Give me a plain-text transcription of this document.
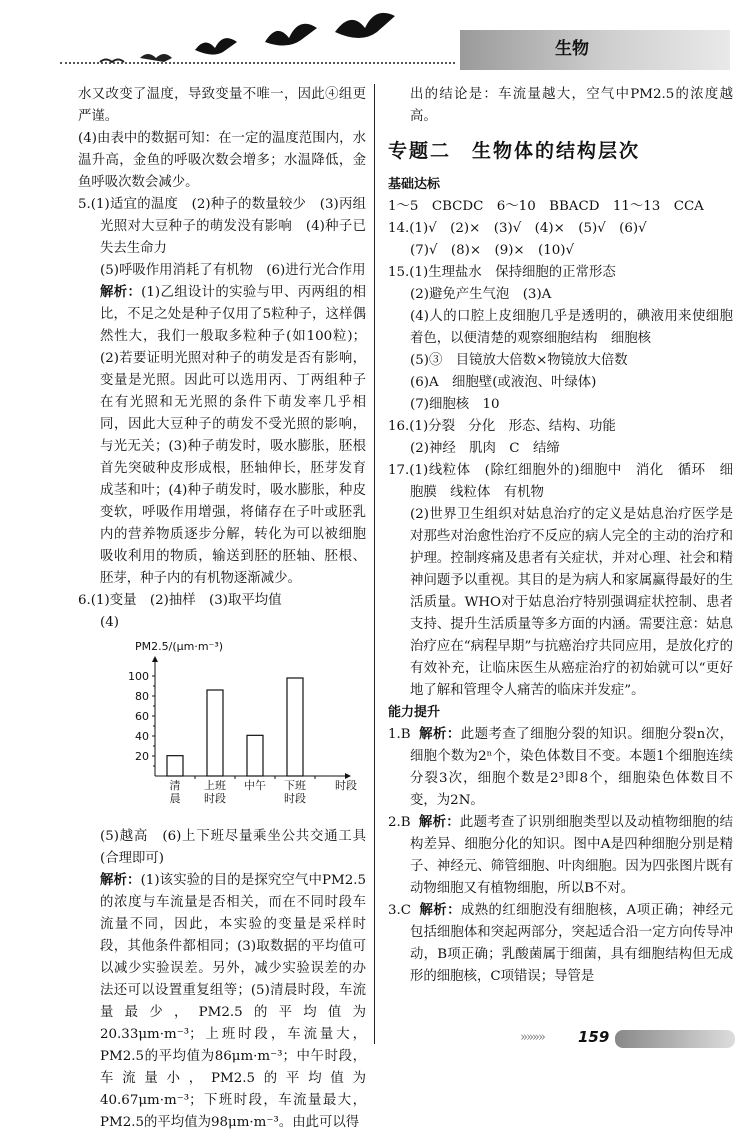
生物

水又改变了温度，导致变量不唯一，因此④组更严谨。

(4)由表中的数据可知：在一定的温度范围内，水温升高，金鱼的呼吸次数会增多；水温降低，金鱼呼吸次数会减少。

5.(1)适宜的温度　(2)种子的数量较少　(3)丙组光照对大豆种子的萌发没有影响　(4)种子已失去生命力

(5)呼吸作用消耗了有机物　(6)进行光合作用

解析：(1)乙组设计的实验与甲、丙两组的相比，不足之处是种子仅用了5粒种子，这样偶然性大，我们一般取多粒种子(如100粒)；(2)若要证明光照对种子的萌发是否有影响，变量是光照。因此可以选用丙、丁两组种子在有光照和无光照的条件下萌发率几乎相同，因此大豆种子的萌发不受光照的影响，与光无关；(3)种子萌发时，吸水膨胀，胚根首先突破种皮形成根，胚轴伸长，胚芽发育成茎和叶；(4)种子萌发时，吸水膨胀，种皮变软，呼吸作用增强，将储存在子叶或胚乳内的营养物质逐步分解，转化为可以被细胞吸收利用的物质，输送到胚的胚轴、胚根、胚芽，种子内的有机物逐渐减少。

6.(1)变量　(2)抽样　(3)取平均值

(4)

PM2.5/(μm·m⁻³)
20
40
60
80
100
清
晨
上班
时段
中午 下班
时段
时段

(5)越高　(6)上下班尽量乘坐公共交通工具(合理即可)

解析：(1)该实验的目的是探究空气中PM2.5的浓度与车流量是否相关，而在不同时段车流量不同，因此，本实验的变量是采样时段，其他条件都相同；(3)取数据的平均值可以减少实验误差。另外，减少实验误差的办法还可以设置重复组等；(5)清晨时段，车流量最少，PM2.5的平均值为20.33μm·m⁻³；上班时段，车流量大，PM2.5的平均值为86μm·m⁻³；中午时段，车流量小，PM2.5的平均值为40.67μm·m⁻³；下班时段，车流量最大，PM2.5的平均值为98μm·m⁻³。由此可以得

出的结论是：车流量越大，空气中PM2.5的浓度越高。

专题二　生物体的结构层次

基础达标

1～5　CBCDC　6～10　BBACD　11～13　CCA

14.(1)√　(2)×　(3)√　(4)×　(5)√　(6)√

(7)√　(8)×　(9)×　(10)√

15.(1)生理盐水　保持细胞的正常形态

(2)避免产生气泡　(3)A

(4)人的口腔上皮细胞几乎是透明的，碘液用来使细胞着色，以便清楚的观察细胞结构　细胞核

(5)③　目镜放大倍数×物镜放大倍数

(6)A　细胞壁(或液泡、叶绿体)

(7)细胞核　10

16.(1)分裂　分化　形态、结构、功能

(2)神经　肌肉　C　结缔

17.(1)线粒体　(除红细胞外的)细胞中　消化　循环　细胞膜　线粒体　有机物

(2)世界卫生组织对姑息治疗的定义是姑息治疗医学是对那些对治愈性治疗不反应的病人完全的主动的治疗和护理。控制疼痛及患者有关症状，并对心理、社会和精神问题予以重视。其目的是为病人和家属赢得最好的生活质量。WHO对于姑息治疗特别强调症状控制、患者支持、提升生活质量等多方面的内涵。需要注意：姑息治疗应在“病程早期”与抗癌治疗共同应用，是放化疗的有效补充，让临床医生从癌症治疗的初始就可以“更好地了解和管理令人痛苦的临床并发症”。

能力提升

1.B 解析：此题考查了细胞分裂的知识。细胞分裂n次，细胞个数为2ⁿ个，染色体数目不变。本题1个细胞连续分裂3次，细胞个数是2³即8个，细胞染色体数目不变，为2N。

2.B 解析：此题考查了识别细胞类型以及动植物细胞的结构差异、细胞分化的知识。图中A是四种细胞分别是精子、神经元、筛管细胞、叶肉细胞。因为四张图片既有动物细胞又有植物细胞，所以B不对。

3.C 解析：成熟的红细胞没有细胞核，A项正确；神经元包括细胞体和突起两部分，突起适合沿一定方向传导冲动，B项正确；乳酸菌属于细菌，具有细胞结构但无成形的细胞核，C项错误；导管是

»»»» 159
